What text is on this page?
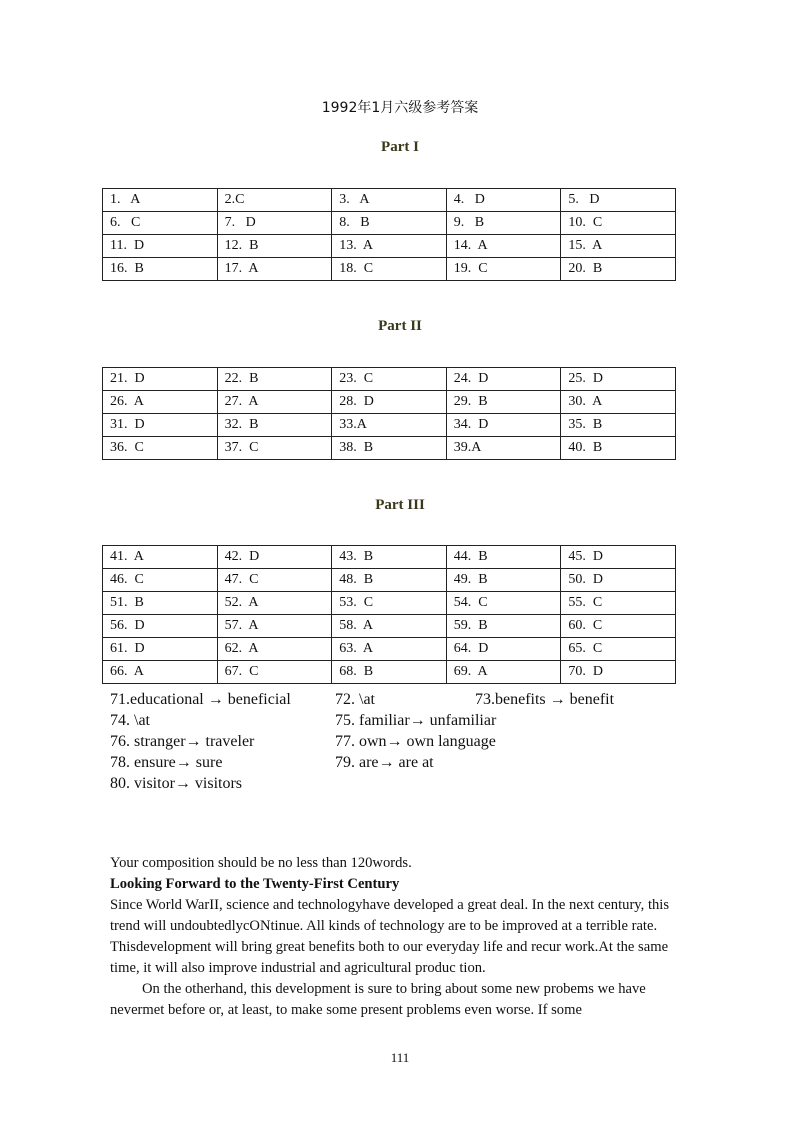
1992年1月六级参考答案
Part I
1.   A	2.C	3.   A	4.   D	5.   D
6.   C	7.   D	8.   B	9.   B	10.  C
11.  D	12.  B	13.  A	14.  A	15.  A
16.  B	17.  A	18.  C	19.  C	20.  B
Part II
21.  D	22.  B	23.  C	24.  D	25.  D
26.  A	27.  A	28.  D	29.  B	30.  A
31.  D	32.  B	33.A	34.  D	35.  B
36.  C	37.  C	38.  B	39.A	40.  B
Part III
41.  A	42.  D	43.  B	44.  B	45.  D
46.  C	47.  C	48.  B	49.  B	50.  D
51.  B	52.  A	53.  C	54.  C	55.  C
56.  D	57.  A	58.  A	59.  B	60.  C
61.  D	62.  A	63.  A	64.  D	65.  C
66.  A	67.  C	68.  B	69.  A	70.  D
71.educational → beneficial	72. \at	73.benefits → benefit
74. \at	75. familiar→ unfamiliar
76. stranger→ traveler	77. own→ own language
78. ensure→ sure	79. are→ are at
80. visitor→ visitors

Your composition should be no less than 120words.

Looking Forward to the Twenty-First Century

Since World WarII, science and technologyhave developed a great deal. In the next century, this trend will undoubtedlycONtinue. All kinds of technology are to be improved at a terrible rate. Thisdevelopment will bring great benefits both to our everyday life and recur work.At the same time, it will also improve industrial and agricultural produc tion.

On the otherhand, this development is sure to bring about some new probems we have nevermet before or, at least, to make some present problems even worse. If some

111
